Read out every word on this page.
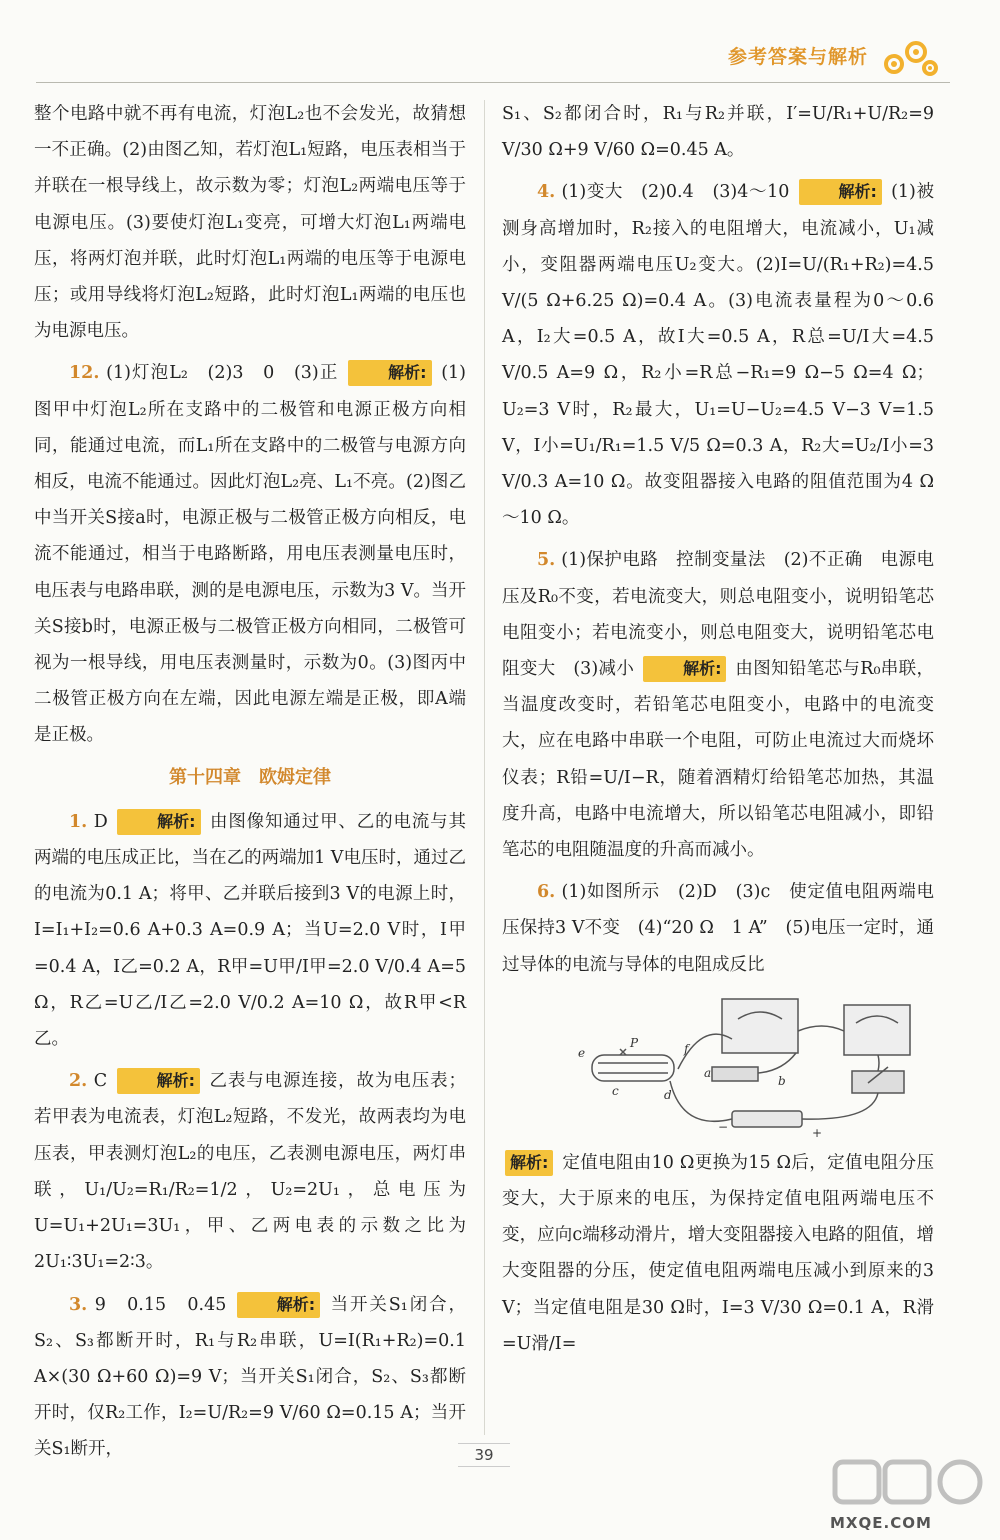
参考答案与解析

整个电路中就不再有电流，灯泡L₂也不会发光，故猜想一不正确。(2)由图乙知，若灯泡L₁短路，电压表相当于并联在一根导线上，故示数为零；灯泡L₂两端电压等于电源电压。(3)要使灯泡L₁变亮，可增大灯泡L₁两端电压，将两灯泡并联，此时灯泡L₁两端的电压等于电源电压；或用导线将灯泡L₂短路，此时灯泡L₁两端的电压也为电源电压。

12. (1)灯泡L₂　(2)3　0　(3)正	解析: (1)图甲中灯泡L₂所在支路中的二极管和电源正极方向相同，能通过电流，而L₁所在支路中的二极管与电源方向相反，电流不能通过。因此灯泡L₂亮、L₁不亮。(2)图乙中当开关S接a时，电源正极与二极管正极方向相反，电流不能通过，相当于电路断路，用电压表测量电压时，电压表与电路串联，测的是电源电压，示数为3 V。当开关S接b时，电源正极与二极管正极方向相同，二极管可视为一根导线，用电压表测量时，示数为0。(3)图丙中二极管正极方向在左端，因此电源左端是正极，即A端是正极。

第十四章　欧姆定律

1. D	解析: 由图像知通过甲、乙的电流与其两端的电压成正比，当在乙的两端加1 V电压时，通过乙的电流为0.1 A；将甲、乙并联后接到3 V的电源上时，I=I₁+I₂=0.6 A+0.3 A=0.9 A；当U=2.0 V时，I甲=0.4 A，I乙=0.2 A，R甲=U甲/I甲=2.0 V/0.4 A=5 Ω，R乙=U乙/I乙=2.0 V/0.2 A=10 Ω，故R甲<R乙。

2. C	解析: 乙表与电源连接，故为电压表；若甲表为电流表，灯泡L₂短路，不发光，故两表均为电压表，甲表测灯泡L₂的电压，乙表测电源电压，两灯串联，U₁/U₂=R₁/R₂=1/2，U₂=2U₁，总电压为U=U₁+2U₁=3U₁，甲、乙两电表的示数之比为2U₁∶3U₁=2∶3。

3. 9　0.15　0.45	解析: 当开关S₁闭合，S₂、S₃都断开时，R₁与R₂串联，U=I(R₁+R₂)=0.1 A×(30 Ω+60 Ω)=9 V；当开关S₁闭合，S₂、S₃都断开时，仅R₂工作，I₂=U/R₂=9 V/60 Ω=0.15 A；当开关S₁断开，

S₁、S₂都闭合时，R₁与R₂并联，I′=U/R₁+U/R₂=9 V/30 Ω+9 V/60 Ω=0.45 A。

4. (1)变大　(2)0.4　(3)4～10	解析: (1)被测身高增加时，R₂接入的电阻增大，电流减小，U₁减小，变阻器两端电压U₂变大。(2)I=U/(R₁+R₂)=4.5 V/(5 Ω+6.25 Ω)=0.4 A。(3)电流表量程为0～0.6 A，I₂大=0.5 A，故I大=0.5 A，R总=U/I大=4.5 V/0.5 A=9 Ω，R₂小=R总−R₁=9 Ω−5 Ω=4 Ω；U₂=3 V时，R₂最大，U₁=U−U₂=4.5 V−3 V=1.5 V，I小=U₁/R₁=1.5 V/5 Ω=0.3 A，R₂大=U₂/I小=3 V/0.3 A=10 Ω。故变阻器接入电路的阻值范围为4 Ω～10 Ω。

5. (1)保护电路　控制变量法　(2)不正确　电源电压及R₀不变，若电流变大，则总电阻变小，说明铅笔芯电阻变小；若电流变小，则总电阻变大，说明铅笔芯电阻变大　(3)减小	解析: 由图知铅笔芯与R₀串联，当温度改变时，若铅笔芯电阻变小，电路中的电流变大，应在电路中串联一个电阻，可防止电流过大而烧坏仪表；R铅=U/I−R，随着酒精灯给铅笔芯加热，其温度升高，电路中电流增大，所以铅笔芯电阻减小，即铅笔芯的电阻随温度的升高而减小。

6. (1)如图所示　(2)D　(3)c　使定值电阻两端电压保持3 V不变　(4)“20 Ω　1 A”　(5)电压一定时，通过导体的电流与导体的电阻成反比

e
P	f
a
b
c	d
−	+

解析: 定值电阻由10 Ω更换为15 Ω后，定值电阻分压变大，大于原来的电压，为保持定值电阻两端电压不变，应向c端移动滑片，增大变阻器接入电路的阻值，增大变阻器的分压，使定值电阻两端电压减小到原来的3 V；当定值电阻是30 Ω时，I=3 V/30 Ω=0.1 A，R滑=U滑/I=

39
MXQE.COM
